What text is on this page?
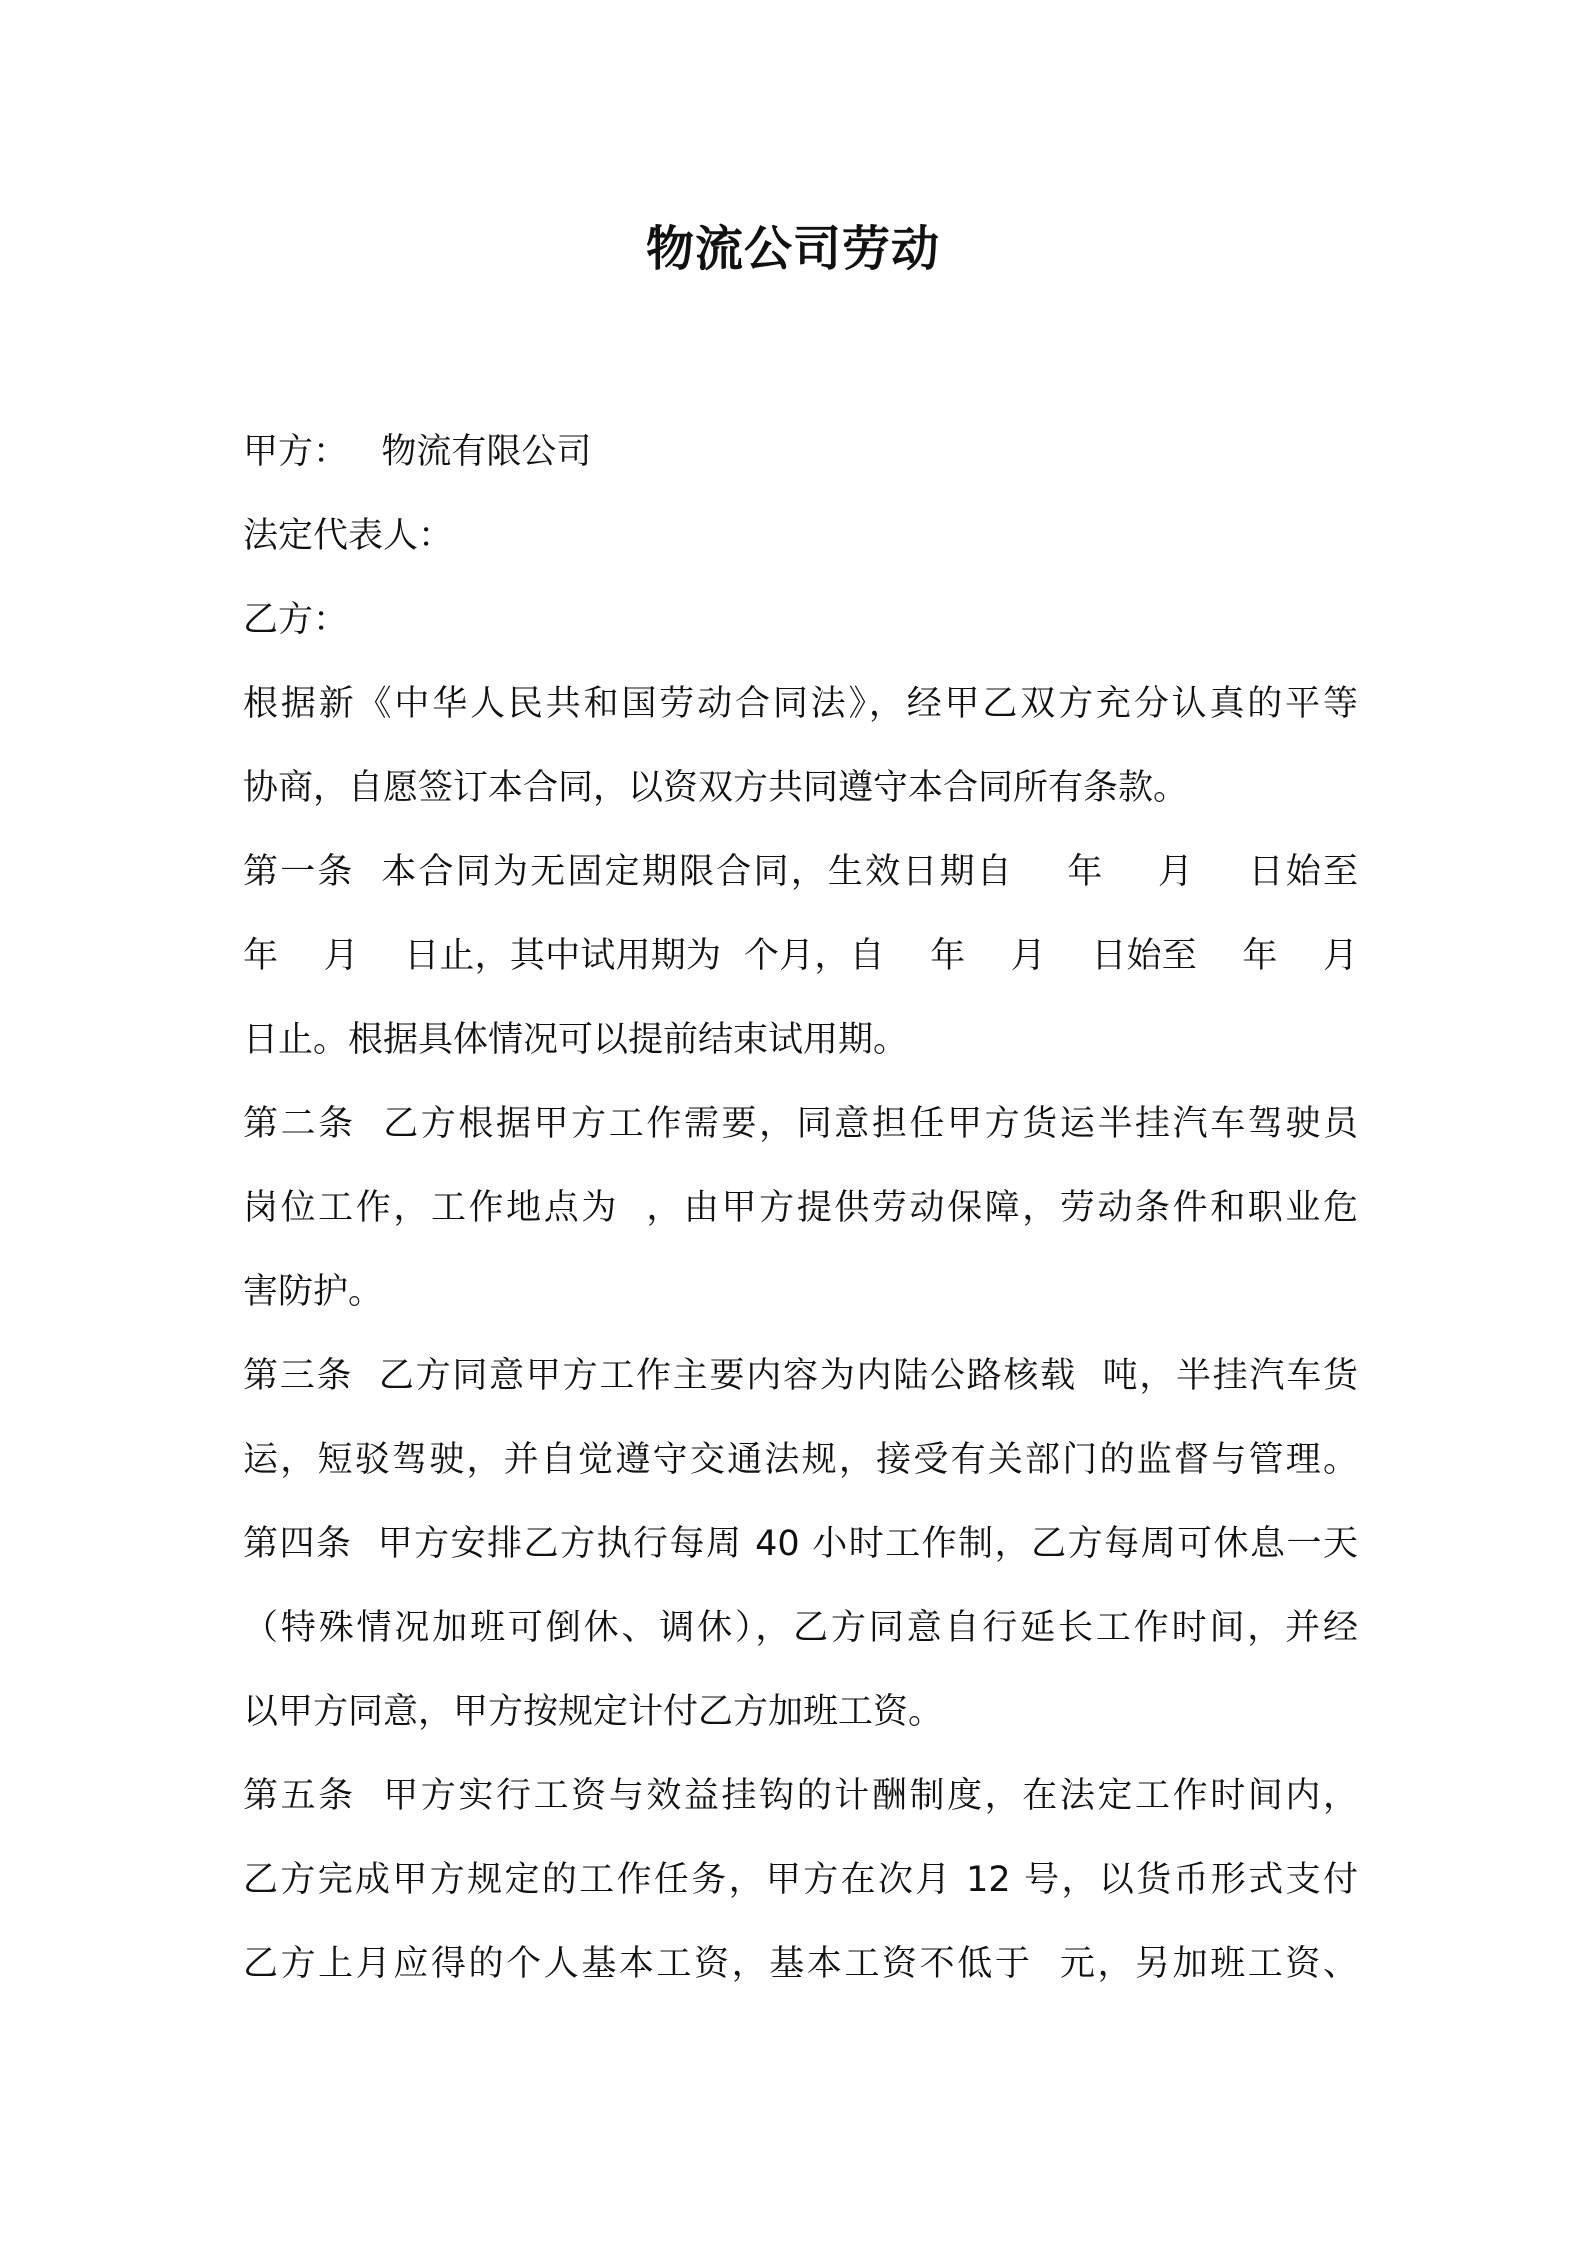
物流公司劳动
甲方：   物流有限公司
法定代表人：
乙方：
根据新《中华人民共和国劳动合同法》，经甲乙双方充分认真的平等
协商，自愿签订本合同，以资双方共同遵守本合同所有条款。
第一条  本合同为无固定期限合同，生效日期自    年    月    日始至
年    月    日止，其中试用期为  个月，自    年    月    日始至    年    月
日止。根据具体情况可以提前结束试用期。
第二条  乙方根据甲方工作需要，同意担任甲方货运半挂汽车驾驶员
岗位工作，工作地点为  ，由甲方提供劳动保障，劳动条件和职业危
害防护。
第三条  乙方同意甲方工作主要内容为内陆公路核载  吨，半挂汽车货
运，短驳驾驶，并自觉遵守交通法规，接受有关部门的监督与管理。
第四条  甲方安排乙方执行每周 40 小时工作制，乙方每周可休息一天
（特殊情况加班可倒休、调休），乙方同意自行延长工作时间，并经
以甲方同意，甲方按规定计付乙方加班工资。
第五条  甲方实行工资与效益挂钩的计酬制度，在法定工作时间内，
乙方完成甲方规定的工作任务，甲方在次月 12 号，以货币形式支付
乙方上月应得的个人基本工资，基本工资不低于  元，另加班工资、
